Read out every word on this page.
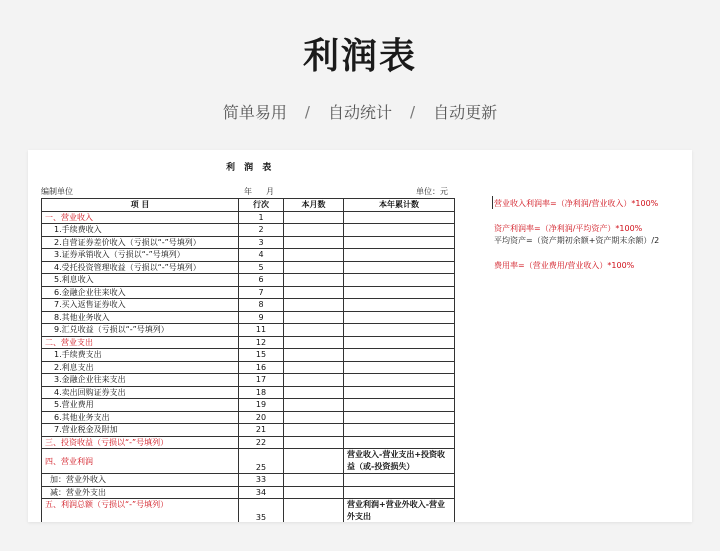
利润表
简单易用 / 自动统计 / 自动更新
利 润 表
编制单位	年 月	单位：元
项 目	行次	本月数	本年累计数
一、营业收入	1		
1.手续费收入	2		
2.自营证券差价收入（亏损以“-”号填列）	3		
3.证券承销收入（亏损以“-”号填列）	4		
4.受托投资管理收益（亏损以“-”号填列）	5		
5.利息收入	6		
6.金融企业往来收入	7		
7.买入返售证券收入	8		
8.其他业务收入	9		
9.汇兑收益（亏损以“-”号填列）	11		
二、营业支出	12		
1.手续费支出	15		
2.利息支出	16		
3.金融企业往来支出	17		
4.卖出回购证券支出	18		
5.营业费用	19		
6.其他业务支出	20		
7.营业税金及附加	21		
三、投资收益（亏损以“-”号填列）	22		
四、营业利润	25		营业收入-营业支出+投资收益（或-投资损失）
加：营业外收入	33		
减：营业外支出	34		
五、利润总额（亏损以“-”号填列）	35		营业利润+营业外收入-营业外支出
营业收入利润率=（净利润/营业收入）*100%
资产利润率=（净利润/平均资产）*100%
平均资产=（资产期初余额+资产期末余额）/2
费用率=（营业费用/营业收入）*100%
